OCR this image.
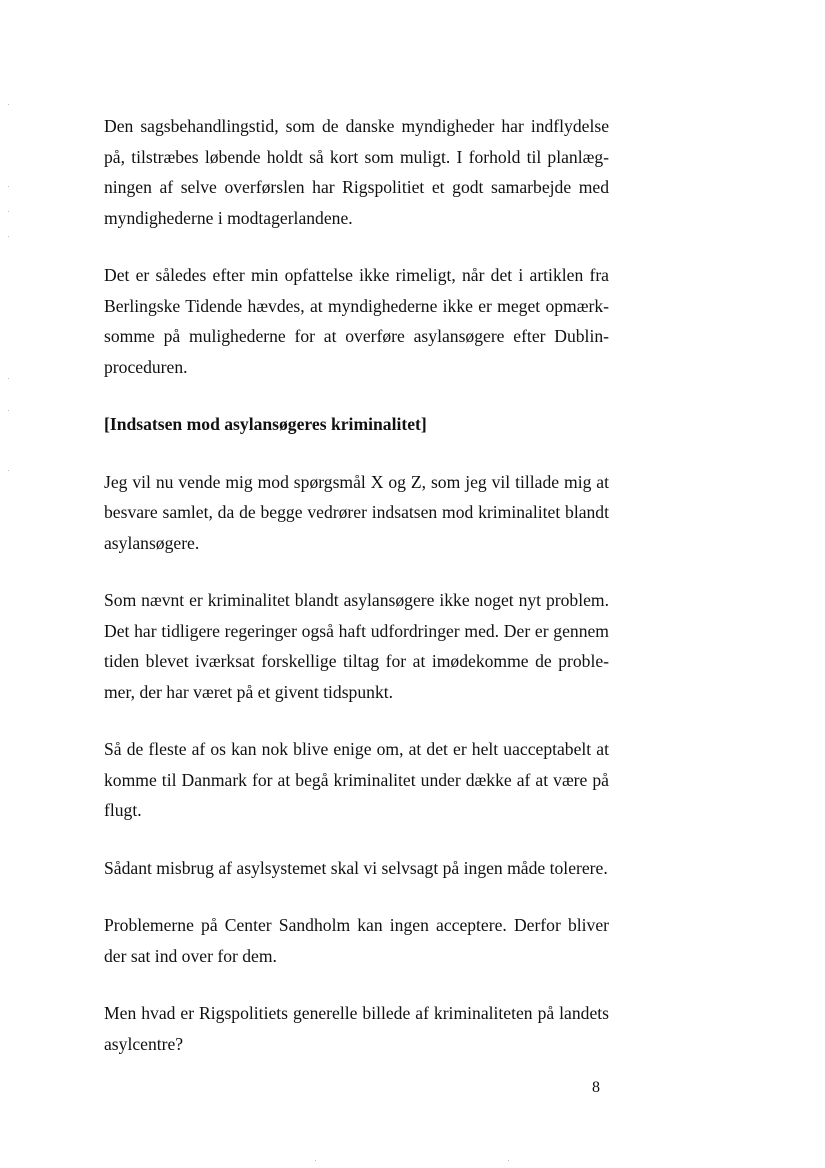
Den sagsbehandlingstid, som de danske myndigheder har indflydelse
på, tilstræbes løbende holdt så kort som muligt. I forhold til planlæg-
ningen af selve overførslen har Rigspolitiet et godt samarbejde med
myndighederne i modtagerlandene.

Det er således efter min opfattelse ikke rimeligt, når det i artiklen fra
Berlingske Tidende hævdes, at myndighederne ikke er meget opmærk-
somme på mulighederne for at overføre asylansøgere efter Dublin-
proceduren.

[Indsatsen mod asylansøgeres kriminalitet]

Jeg vil nu vende mig mod spørgsmål X og Z, som jeg vil tillade mig at
besvare samlet, da de begge vedrører indsatsen mod kriminalitet blandt
asylansøgere.

Som nævnt er kriminalitet blandt asylansøgere ikke noget nyt problem.
Det har tidligere regeringer også haft udfordringer med. Der er gennem
tiden blevet iværksat forskellige tiltag for at imødekomme de proble-
mer, der har været på et givent tidspunkt.

Så de fleste af os kan nok blive enige om, at det er helt uacceptabelt at
komme til Danmark for at begå kriminalitet under dække af at være på
flugt.

Sådant misbrug af asylsystemet skal vi selvsagt på ingen måde tolerere.

Problemerne på Center Sandholm kan ingen acceptere. Derfor bliver
der sat ind over for dem.

Men hvad er Rigspolitiets generelle billede af kriminaliteten på landets
asylcentre?

8
